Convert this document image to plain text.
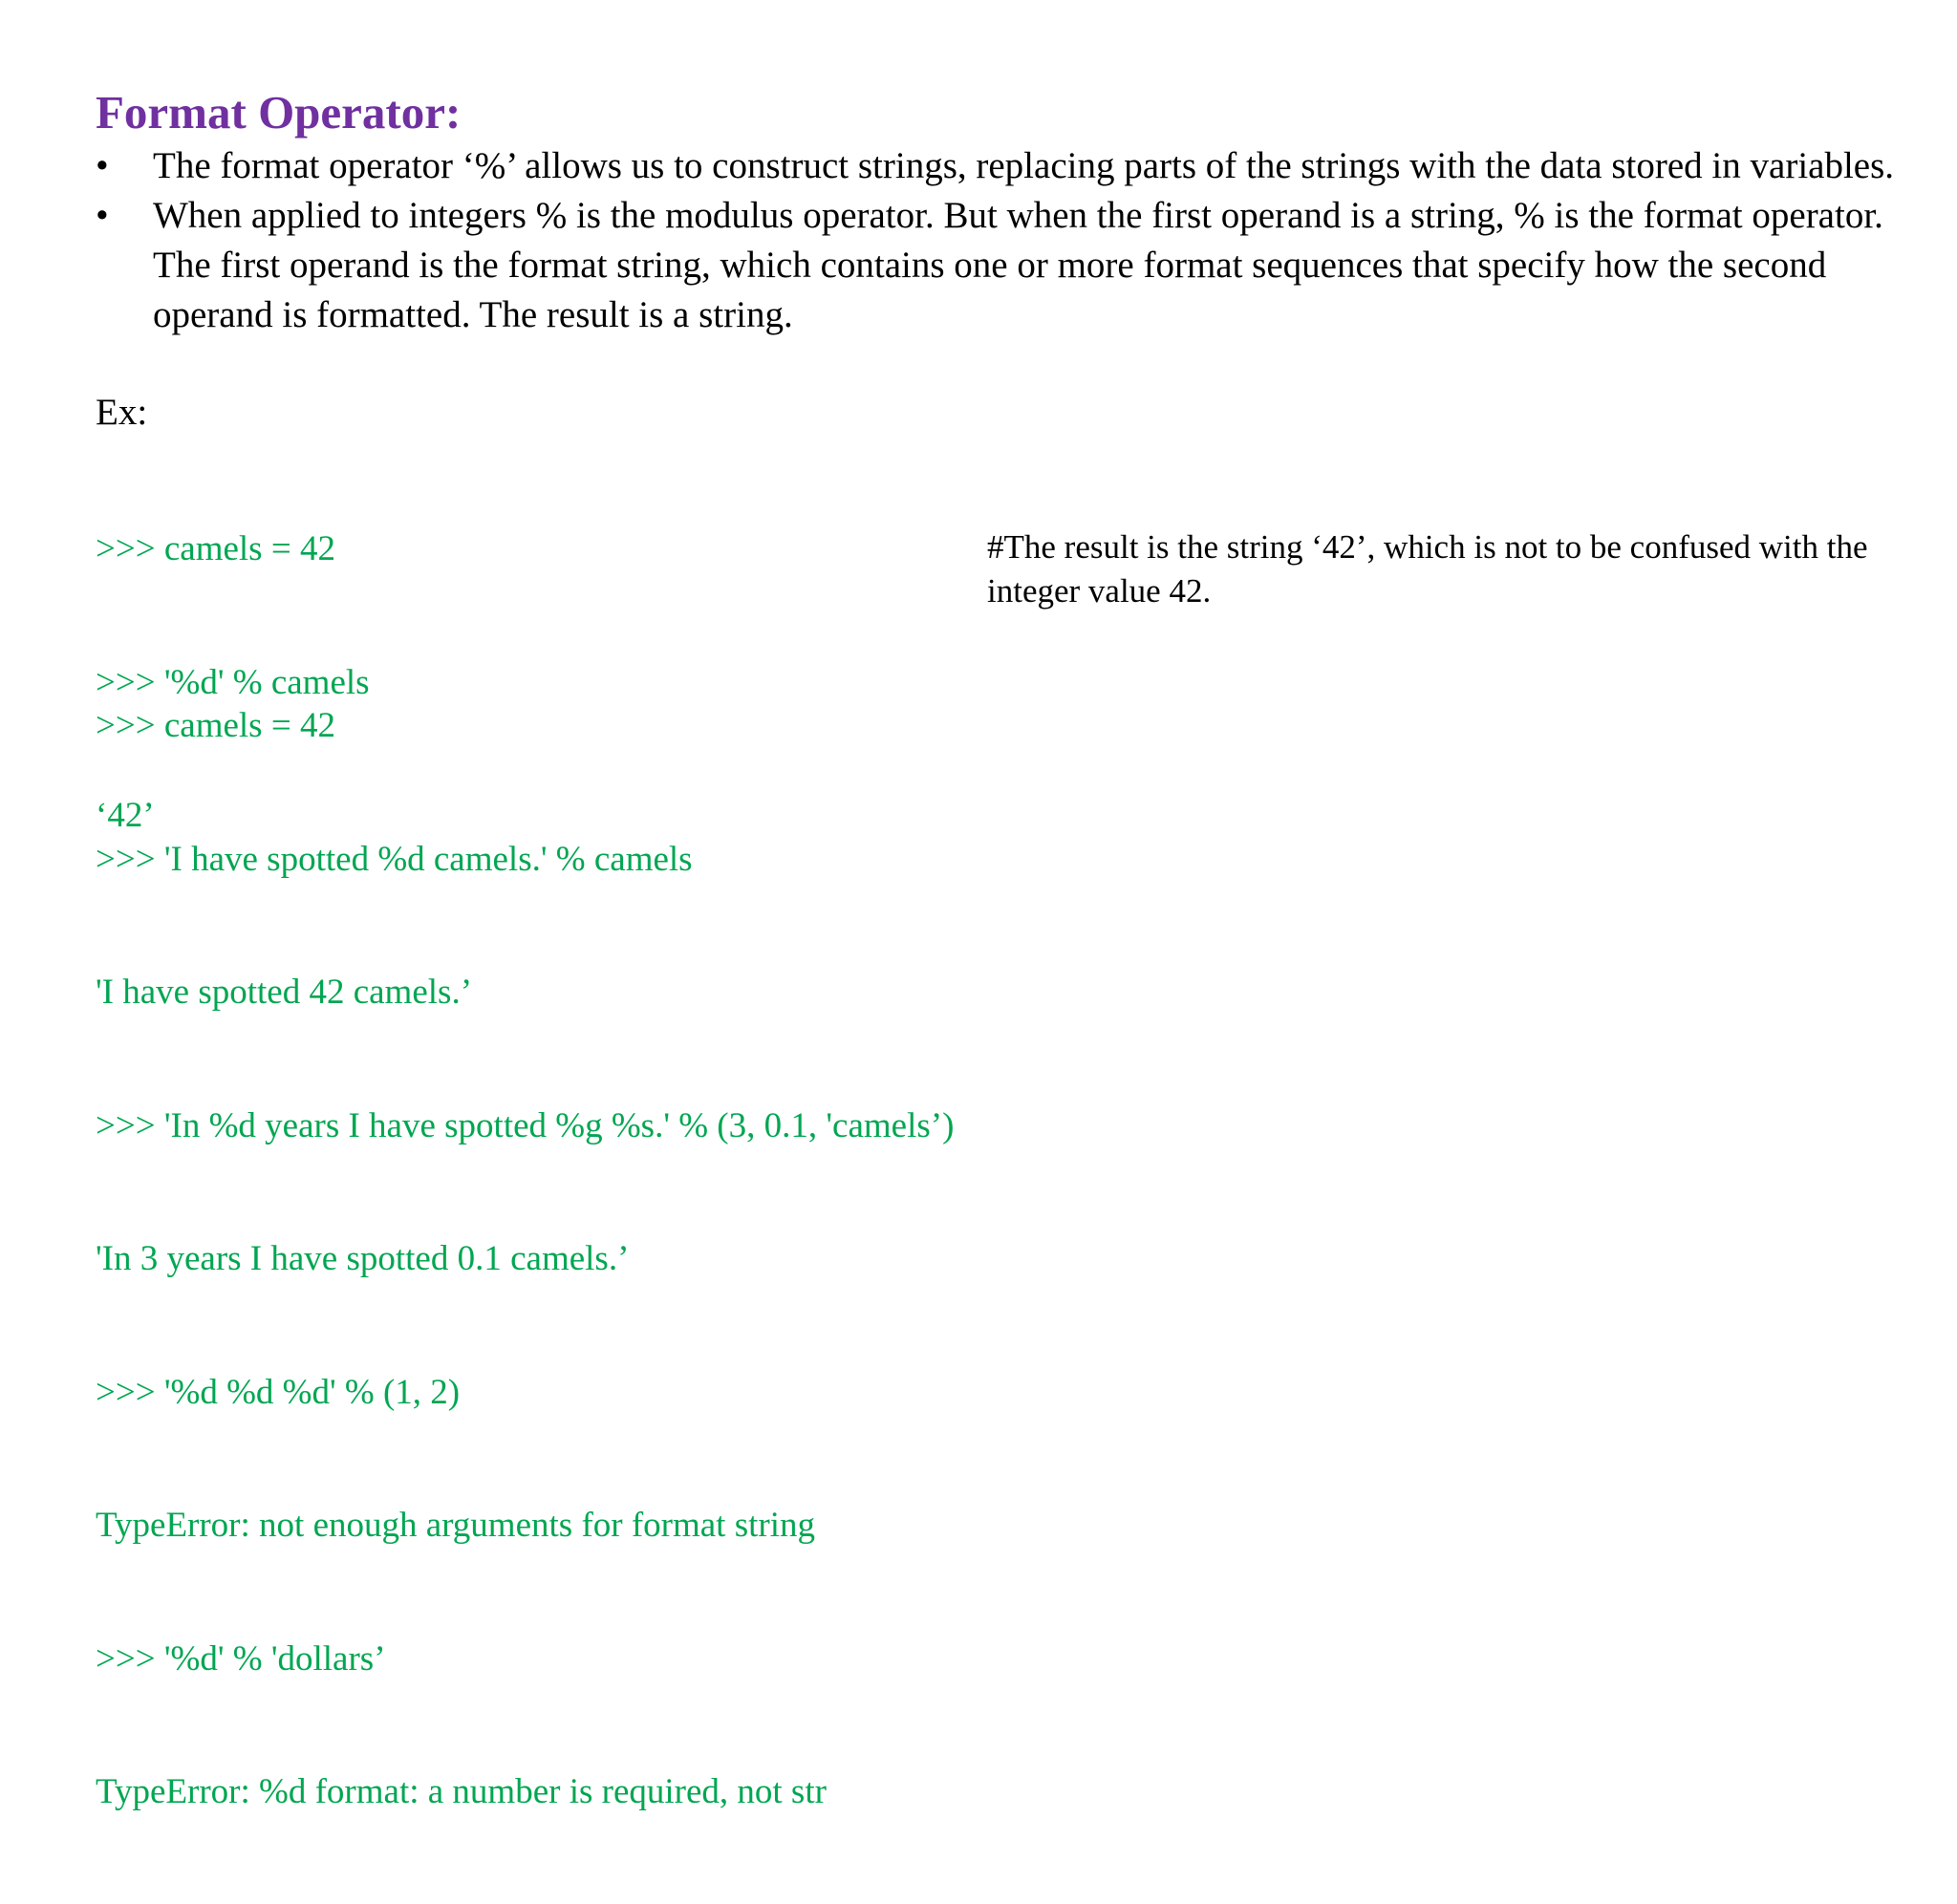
Format Operator:
•	The format operator ‘%’ allows us to construct strings, replacing parts of the strings with the data stored in variables.
•	When applied to integers % is the modulus operator. But when the first operand is a string, % is the format operator. The first operand is the format string, which contains one or more format sequences that specify how the second operand is formatted. The result is a string.
Ex:

>>> camels = 42

>>> '%d' % camels

‘42’

#The result is the string ‘42’, which is not to be confused with the integer value 42.

>>> camels = 42

>>> 'I have spotted %d camels.' % camels

'I have spotted 42 camels.’

>>> 'In %d years I have spotted %g %s.' % (3, 0.1, 'camels’)

'In 3 years I have spotted 0.1 camels.’

>>> '%d %d %d' % (1, 2)

TypeError: not enough arguments for format string

>>> '%d' % 'dollars’

TypeError: %d format: a number is required, not str
